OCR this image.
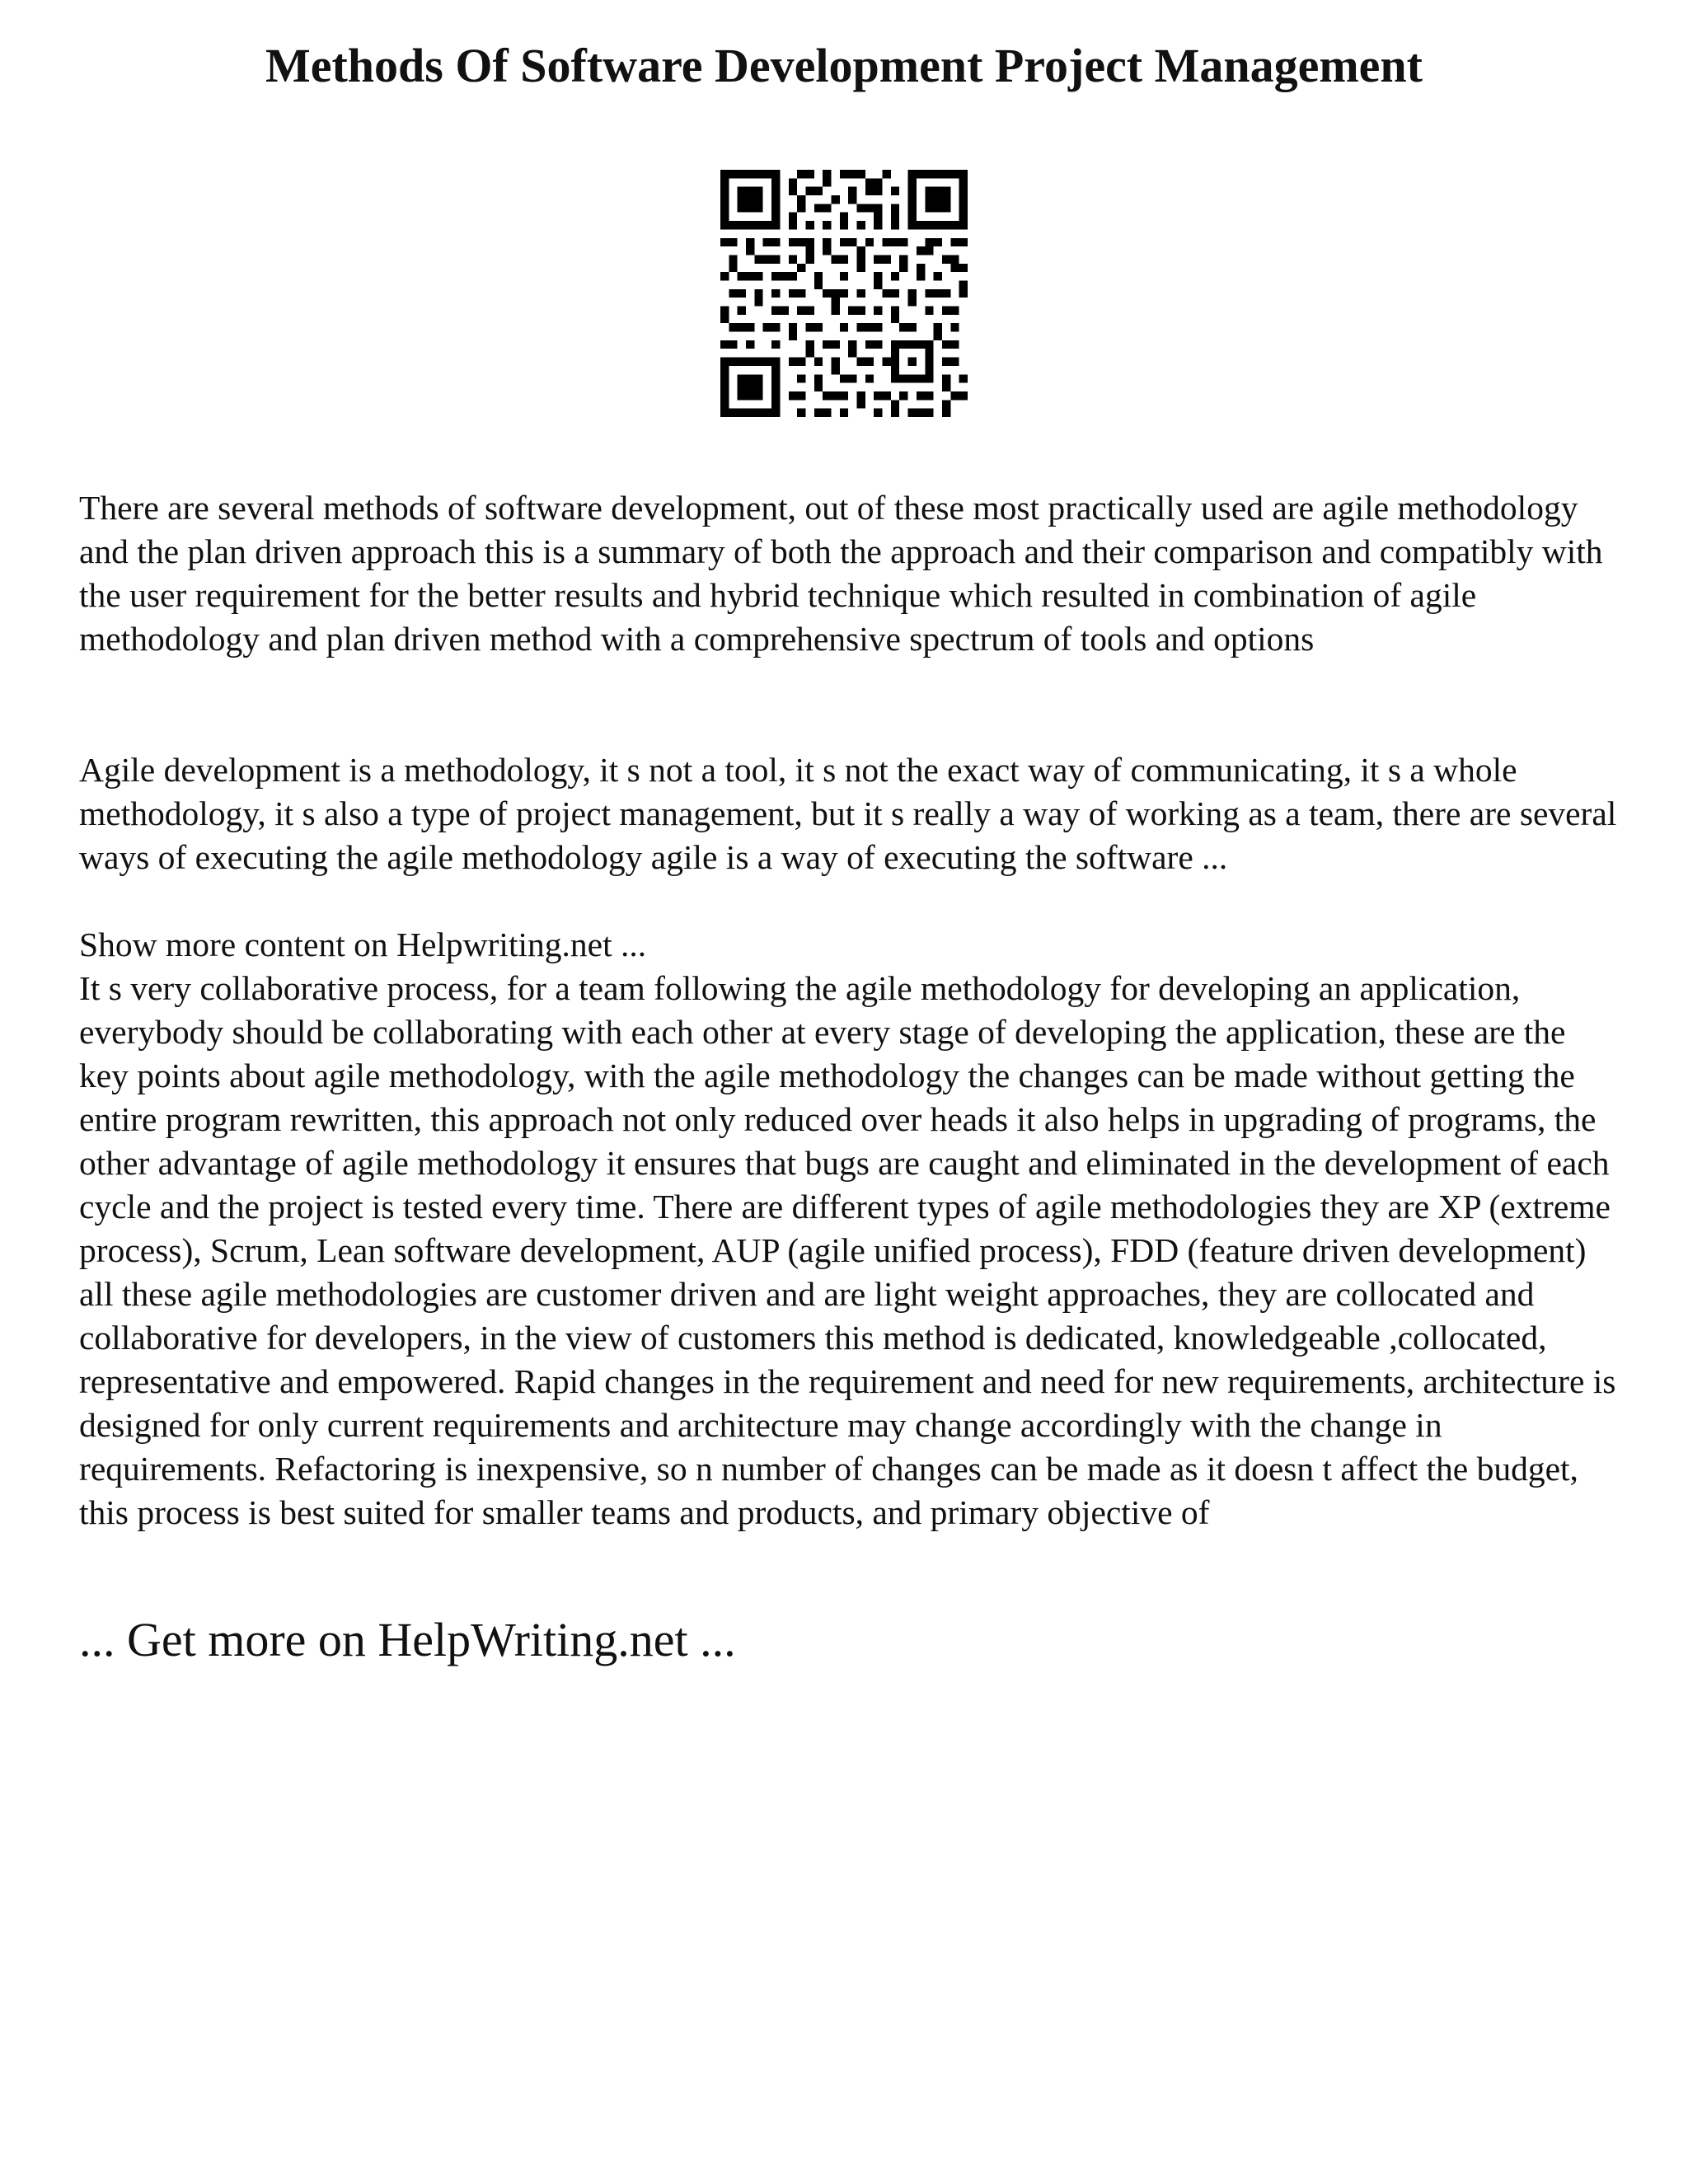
Methods Of Software Development Project Management

There are several methods of software development, out of these most practically used are agile methodology and the plan driven approach this is a summary of both the approach and their comparison and compatibly with the user requirement for the better results and hybrid technique which resulted in combination of agile methodology and plan driven method with a comprehensive spectrum of tools and options

Agile development is a methodology, it s not a tool, it s not the exact way of communicating, it s a whole methodology, it s also a type of project management, but it s really a way of working as a team, there are several ways of executing the agile methodology agile is a way of executing the software ...

Show more content on Helpwriting.net ...
It s very collaborative process, for a team following the agile methodology for developing an application, everybody should be collaborating with each other at every stage of developing the application, these are the key points about agile methodology, with the agile methodology the changes can be made without getting the entire program rewritten, this approach not only reduced over heads it also helps in upgrading of programs, the other advantage of agile methodology it ensures that bugs are caught and eliminated in the development of each cycle and the project is tested every time. There are different types of agile methodologies they are XP (extreme process), Scrum, Lean software development, AUP (agile unified process), FDD (feature driven development) all these agile methodologies are customer driven and are light weight approaches, they are collocated and collaborative for developers, in the view of customers this method is dedicated, knowledgeable ,collocated, representative and empowered. Rapid changes in the requirement and need for new requirements, architecture is designed for only current requirements and architecture may change accordingly with the change in requirements. Refactoring is inexpensive, so n number of changes can be made as it doesn t affect the budget, this process is best suited for smaller teams and products, and primary objective of

... Get more on HelpWriting.net ...
